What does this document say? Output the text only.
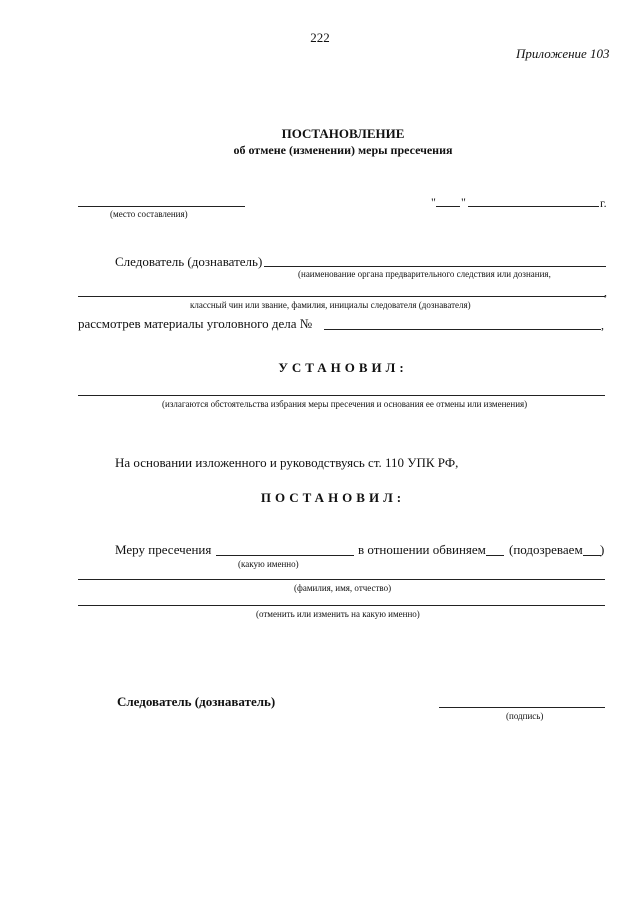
222
Приложение 103
ПОСТАНОВЛЕНИЕ
об отмене (изменении) меры пресечения
(место составления)
" "	г.
Следователь (дознаватель)
(наименование органа предварительного следствия или дознания,
,
классный чин или звание, фамилия, инициалы следователя (дознавателя)
рассмотрев материалы уголовного дела №	,
УСТАНОВИЛ:
(излагаются обстоятельства избрания меры пресечения и основания ее отмены или изменения)
На основании изложенного и руководствуясь ст. 110 УПК РФ,
ПОСТАНОВИЛ:
Меру пресечения	в отношении обвиняем (подозреваем )
(какую именно)
(фамилия, имя, отчество)
(отменить или изменить на какую именно)
Следователь (дознаватель)
(подпись)
